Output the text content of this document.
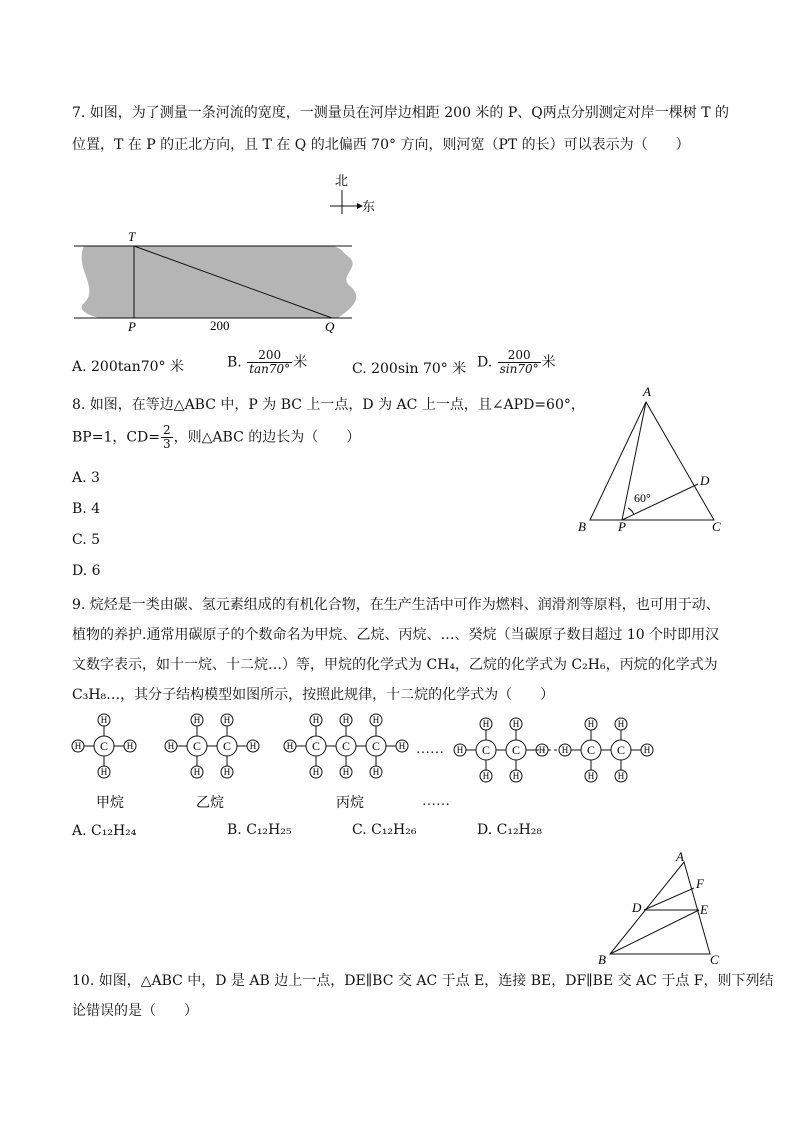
7. 如图，为了测量一条河流的宽度，一测量员在河岸边相距 200 米的 P、Q两点分别测定对岸一棵树 T 的
位置，T 在 P 的正北方向，且 T 在 Q 的北偏西 70° 方向，则河宽（PT 的长）可以表示为（　　）
北
东
T
P	Q
200
A. 200tan70° 米	B. $\frac{200}{\tan 70^\circ}$ 米	C. 200sin 70° 米 D. $\frac{200}{\sin 70^\circ}$ 米
8. 如图，在等边△ABC 中，P 为 BC 上一点，D 为 AC 上一点，且∠APD=60°，
BP=1，$CD= \frac{2}{3}$ ，则△ABC 的边长为（　　）
A. 3
B. 4
C. 5
D. 6
A
B	C
D
P
60°
9. 烷烃是一类由碳、氢元素组成的有机化合物，在生产生活中可作为燃料、润滑剂等原料，也可用于动、
植物的养护.通常用碳原子的个数命名为甲烷、乙烷、丙烷、…、癸烷（当碳原子数目超过 10 个时即用汉
文数字表示，如十一烷、十二烷…）等，甲烷的化学式为 CH₄，乙烷的化学式为 C₂H₆，丙烷的化学式为
C₃H₈…，其分子结构模型如图所示，按照此规律，十二烷的化学式为（　　）
H	H
H
H
C	H	H
H
H
C
H
H
C	H	H
H
H
C
H
H
C
H
H
C	H	H
H
H
C
H
H
C	H	H
H
H
C
H
H
C
……
甲烷	乙烷	丙烷	……
A. C₁₂H₂₄	B. C₁₂H₂₅	C. C₁₂H₂₆	D. C₁₂H₂₈
A
B	C
D	E
F
10. 如图，△ABC 中，D 是 AB 边上一点，DE∥BC 交 AC 于点 E，连接 BE，DF∥BE 交 AC 于点 F，则下列结
论错误的是（　　）
